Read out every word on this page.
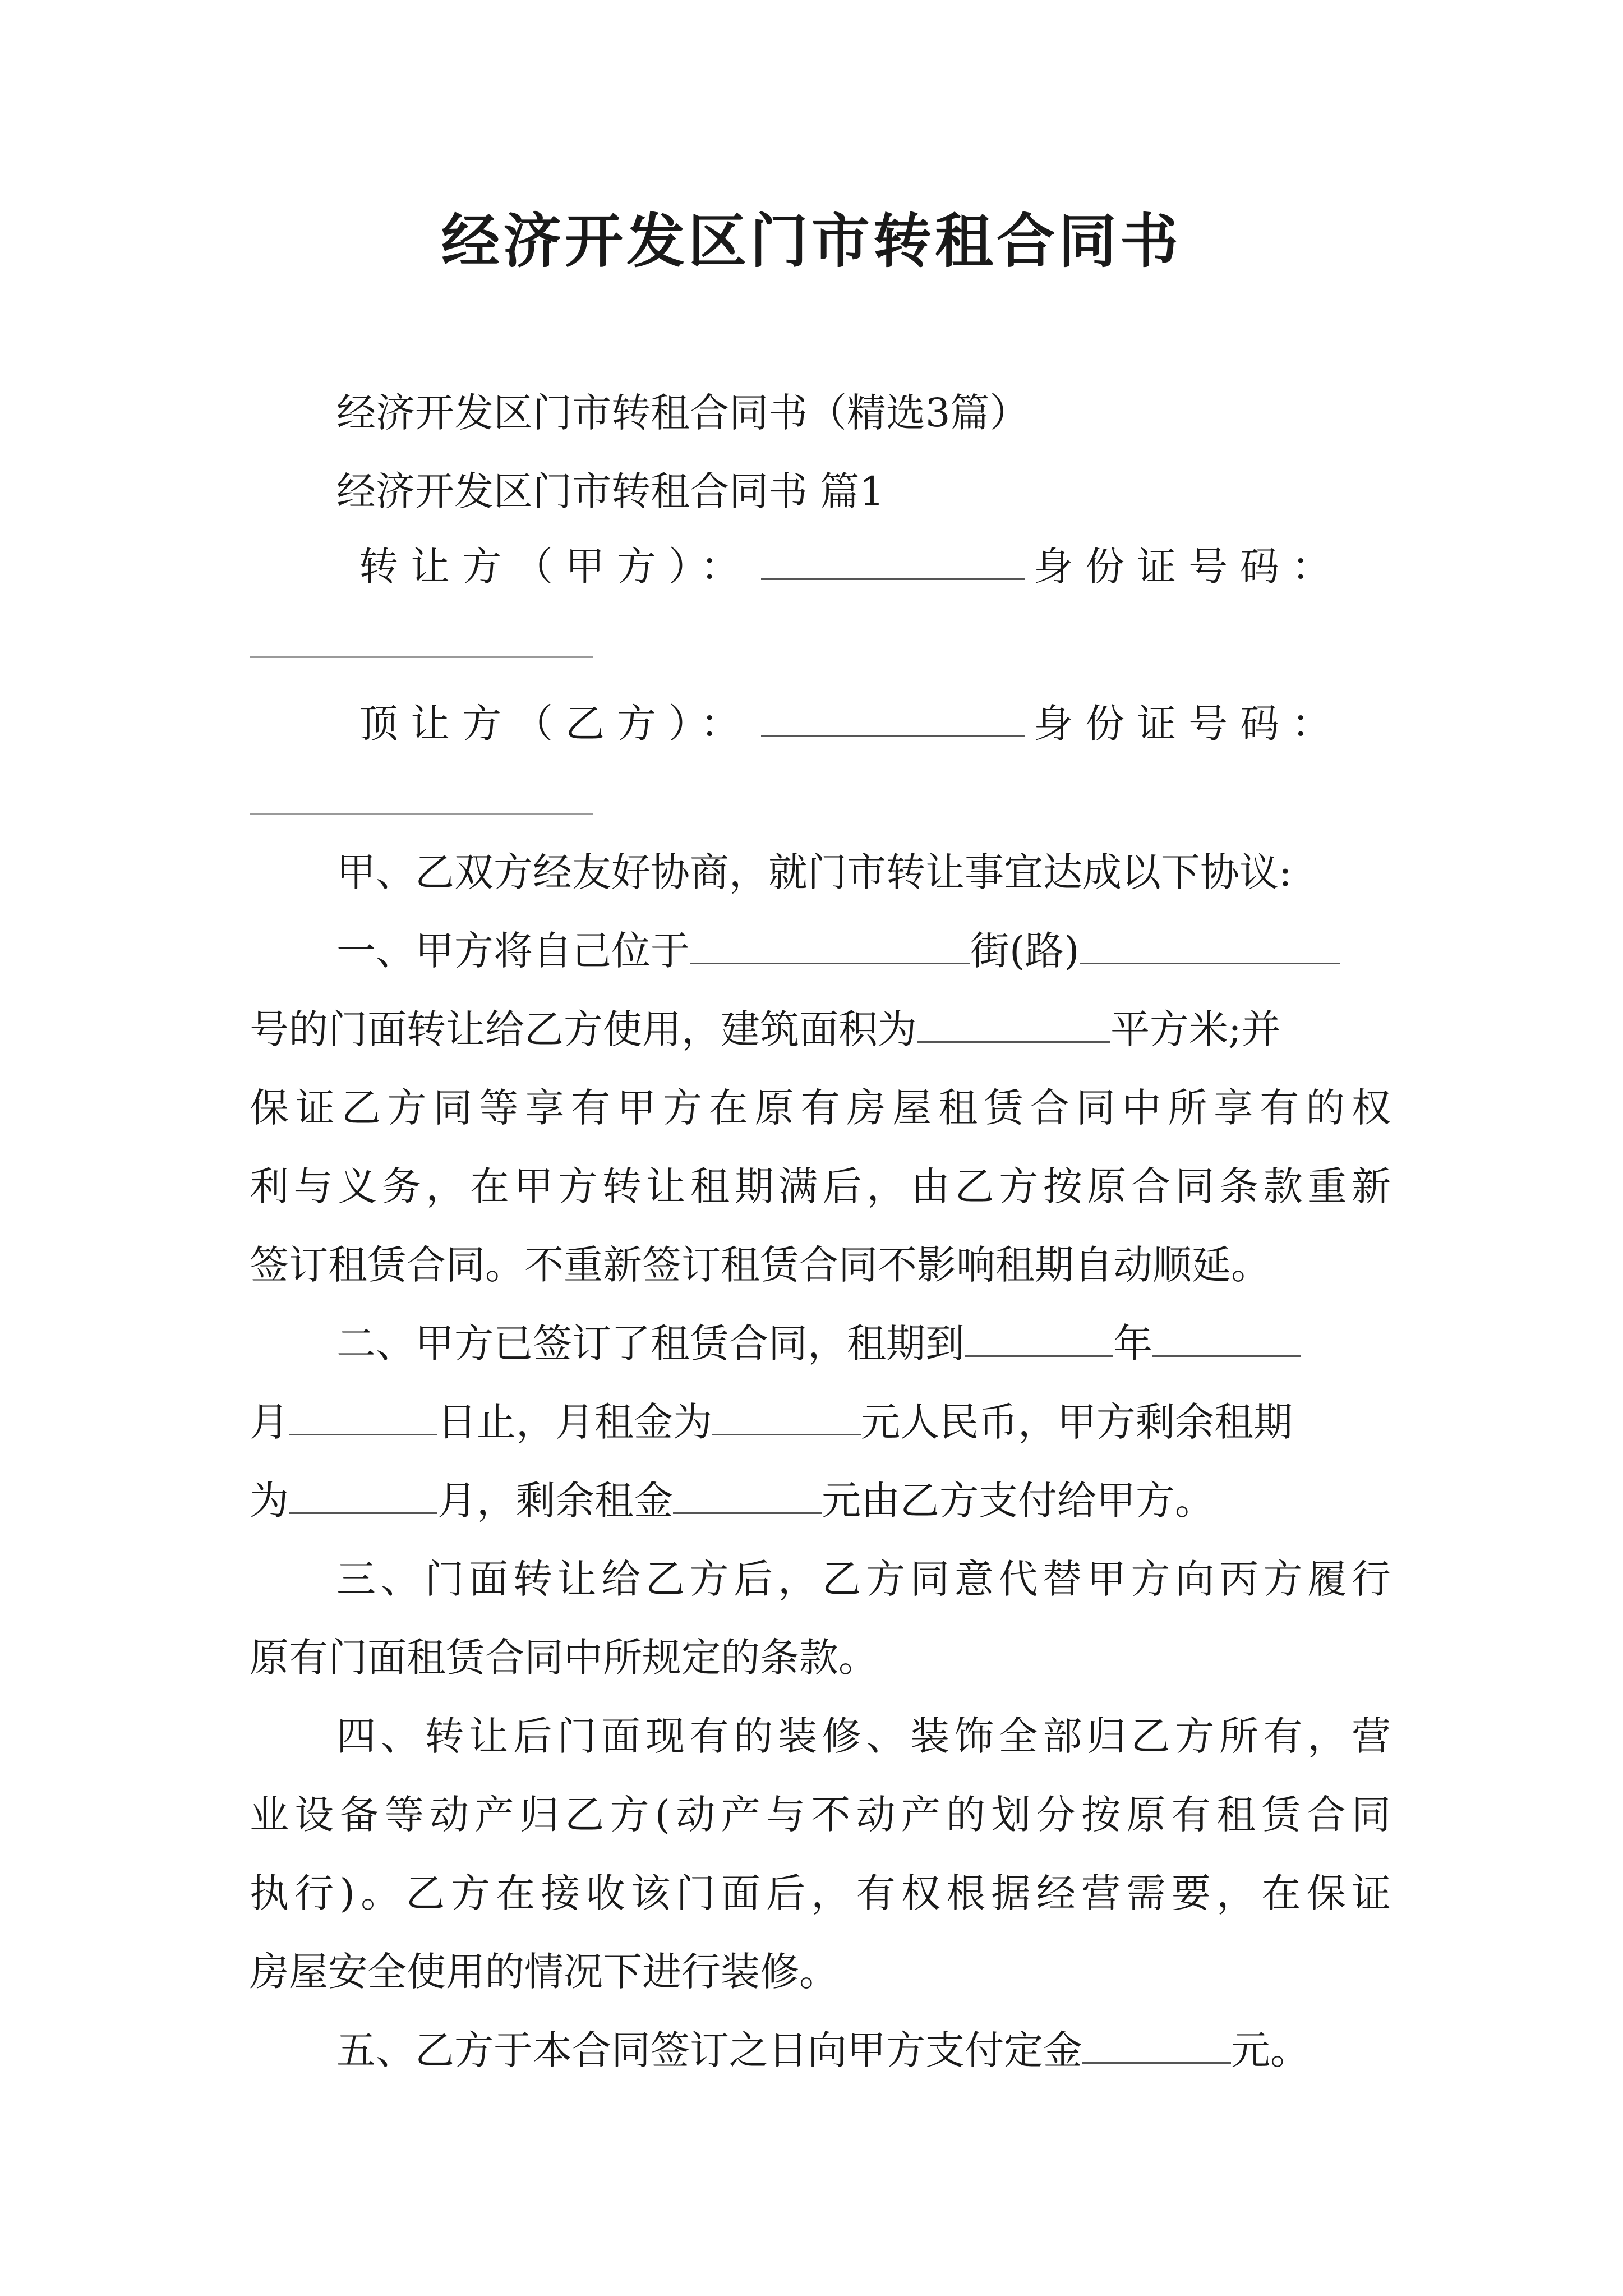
经济开发区门市转租合同书
经济开发区门市转租合同书（精选3篇）
经济开发区门市转租合同书 篇1
转让方（甲方）：	身份证号码：
顶让方（乙方）：	身份证号码：
甲、乙双方经友好协商，就门市转让事宜达成以下协议:
一、甲方将自己位于	街(路)
号的门面转让给乙方使用，建筑面积为	平方米;并
保证乙方同等享有甲方在原有房屋租赁合同中所享有的权
利与义务，在甲方转让租期满后，由乙方按原合同条款重新
签订租赁合同。不重新签订租赁合同不影响租期自动顺延。
二、甲方已签订了租赁合同，租期到	年
月	日止，月租金为	元人民币，甲方剩余租期
为	月，剩余租金	元由乙方支付给甲方。
三、门面转让给乙方后，乙方同意代替甲方向丙方履行
原有门面租赁合同中所规定的条款。
四、转让后门面现有的装修、装饰全部归乙方所有，营
业设备等动产归乙方(动产与不动产的划分按原有租赁合同
执行)。乙方在接收该门面后，有权根据经营需要，在保证
房屋安全使用的情况下进行装修。
五、乙方于本合同签订之日向甲方支付定金	元。
